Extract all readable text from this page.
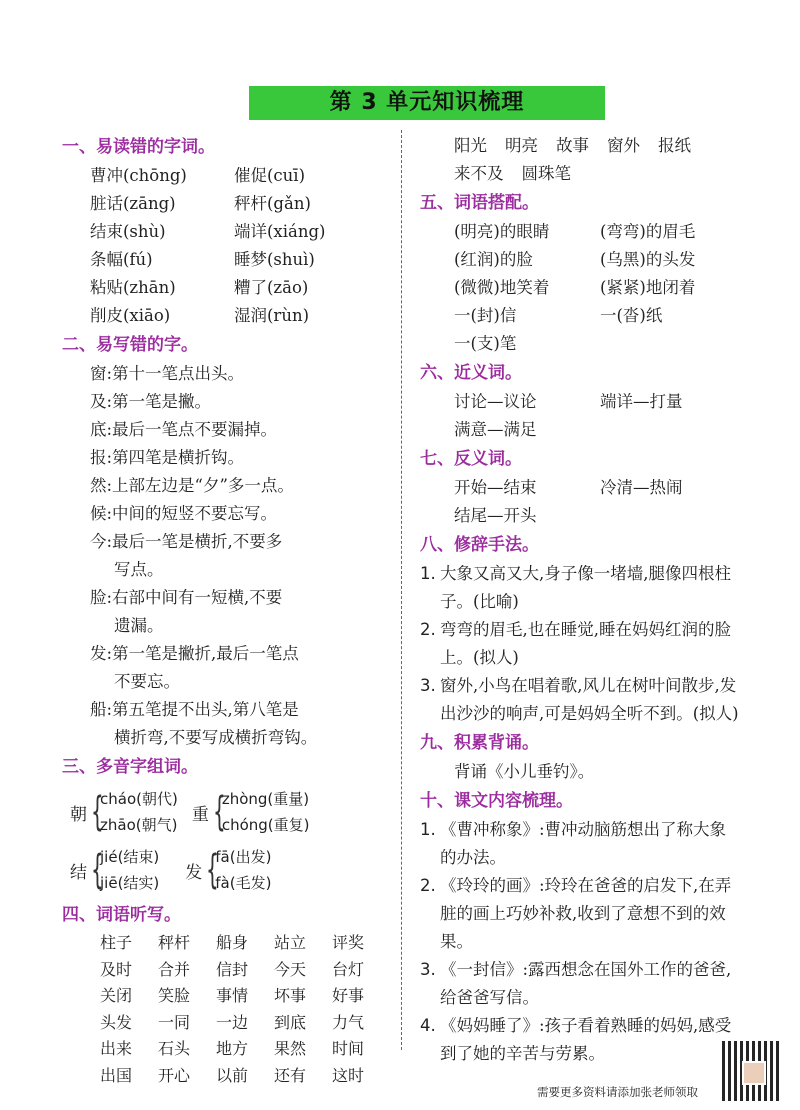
第 3 单元知识梳理
一、易读错的字词。
曹冲(chōng)	催促(cuī)
脏话(zāng)	秤杆(gǎn)
结束(shù)	端详(xiáng)
条幅(fú)	睡梦(shuì)
粘贴(zhān)	糟了(zāo)
削皮(xiāo)	湿润(rùn)
二、易写错的字。
窗:第十一笔点出头。
及:第一笔是撇。
底:最后一笔点不要漏掉。
报:第四笔是横折钩。
然:上部左边是“夕”多一点。
候:中间的短竖不要忘写。
今:最后一笔是横折,不要多
写点。
脸:右部中间有一短横,不要
遗漏。
发:第一笔是撇折,最后一笔点
不要忘。
船:第五笔提不出头,第八笔是
横折弯,不要写成横折弯钩。
三、多音字组词。
朝 {
cháo(朝代)
zhāo(朝气)
重 {
zhòng(重量)
chóng(重复)
结 {
jié(结束)
jiē(结实)
发 {
fā(出发)
fà(毛发)
四、词语听写。
柱子	秤杆	船身	站立	评奖
及时	合并	信封	今天	台灯
关闭	笑脸	事情	坏事	好事
头发	一同	一边	到底	力气
出来	石头	地方	果然	时间
出国	开心	以前	还有	这时
阳光 明亮 故事 窗外 报纸
来不及 圆珠笔
五、词语搭配。
(明亮)的眼睛	(弯弯)的眉毛
(红润)的脸	(乌黑)的头发
(微微)地笑着	(紧紧)地闭着
一(封)信	一(沓)纸
一(支)笔
六、近义词。
讨论—议论	端详—打量
满意—满足
七、反义词。
开始—结束	冷清—热闹
结尾—开头
八、修辞手法。
1. 大象又高又大,身子像一堵墙,腿像四根柱子。(比喻)
2. 弯弯的眉毛,也在睡觉,睡在妈妈红润的脸上。(拟人)
3. 窗外,小鸟在唱着歌,风儿在树叶间散步,发出沙沙的响声,可是妈妈全听不到。(拟人)
九、积累背诵。
背诵《小儿垂钓》。
十、课文内容梳理。
1. 《曹冲称象》:曹冲动脑筋想出了称大象的办法。
2. 《玲玲的画》:玲玲在爸爸的启发下,在弄脏的画上巧妙补救,收到了意想不到的效果。
3. 《一封信》:露西想念在国外工作的爸爸,给爸爸写信。
4. 《妈妈睡了》:孩子看着熟睡的妈妈,感受到了她的辛苦与劳累。
需要更多资料请添加张老师领取
